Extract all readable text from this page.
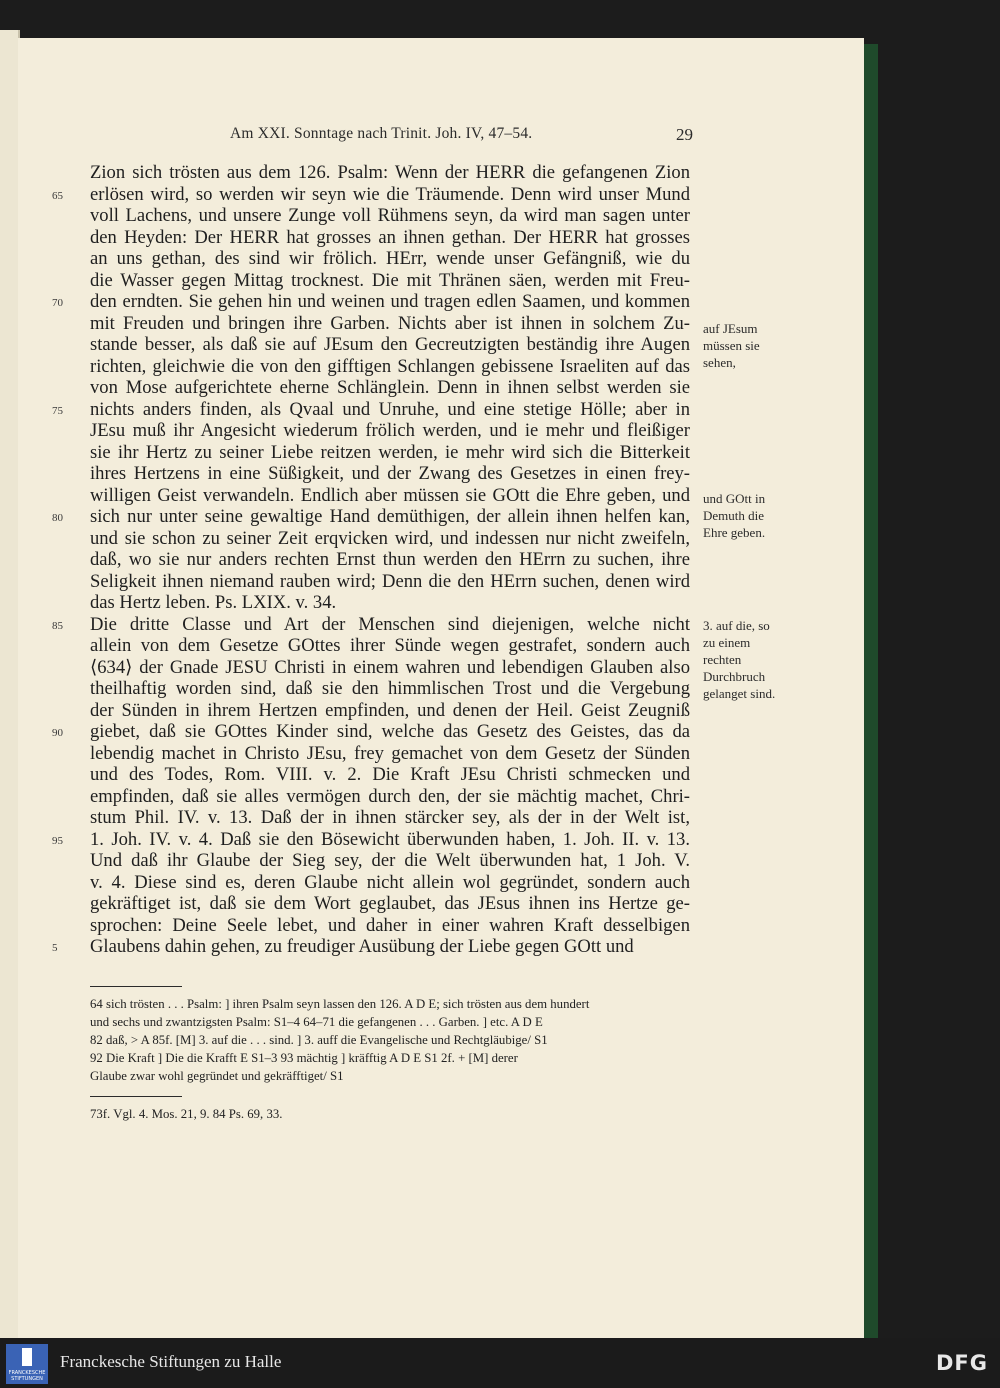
Am XXI. Sonntage nach Trinit. Joh. IV, 47–54.	29
Zion sich trösten aus dem 126. Psalm: Wenn der HERR die gefangenen Zion
erlösen wird, so werden wir seyn wie die Träumende. Denn wird unser Mund
65
voll Lachens, und unsere Zunge voll Rühmens seyn, da wird man sagen unter
den Heyden: Der HERR hat grosses an ihnen gethan. Der HERR hat grosses
an uns gethan, des sind wir frölich. HErr, wende unser Gefängniß, wie du
die Wasser gegen Mittag trocknest. Die mit Thränen säen, werden mit Freu-
den erndten. Sie gehen hin und weinen und tragen edlen Saamen, und kommen
70
mit Freuden und bringen ihre Garben. Nichts aber ist ihnen in solchem Zu-
stande besser, als daß sie auf JEsum den Gecreutzigten beständig ihre Augen
richten, gleichwie die von den gifftigen Schlangen gebissene Israeliten auf das
von Mose aufgerichtete eherne Schlänglein. Denn in ihnen selbst werden sie
nichts anders finden, als Qvaal und Unruhe, und eine stetige Hölle; aber in
75
JEsu muß ihr Angesicht wiederum frölich werden, und ie mehr und fleißiger
sie ihr Hertz zu seiner Liebe reitzen werden, ie mehr wird sich die Bitterkeit
ihres Hertzens in eine Süßigkeit, und der Zwang des Gesetzes in einen frey-
willigen Geist verwandeln. Endlich aber müssen sie GOtt die Ehre geben, und
sich nur unter seine gewaltige Hand demüthigen, der allein ihnen helfen kan,
80
und sie schon zu seiner Zeit erqvicken wird, und indessen nur nicht zweifeln,
daß, wo sie nur anders rechten Ernst thun werden den HErrn zu suchen, ihre
Seligkeit ihnen niemand rauben wird; Denn die den HErrn suchen, denen wird
das Hertz leben. Ps. LXIX. v. 34.
Die dritte Classe und Art der Menschen sind diejenigen, welche nicht
85
allein von dem Gesetze GOttes ihrer Sünde wegen gestrafet, sondern auch
⟨634⟩ der Gnade JESU Christi in einem wahren und lebendigen Glauben also
theilhaftig worden sind, daß sie den himmlischen Trost und die Vergebung
der Sünden in ihrem Hertzen empfinden, und denen der Heil. Geist Zeugniß
giebet, daß sie GOttes Kinder sind, welche das Gesetz des Geistes, das da
90
lebendig machet in Christo JEsu, frey gemachet von dem Gesetz der Sünden
und des Todes, Rom. VIII. v. 2. Die Kraft JEsu Christi schmecken und
empfinden, daß sie alles vermögen durch den, der sie mächtig machet, Chri-
stum Phil. IV. v. 13. Daß der in ihnen stärcker sey, als der in der Welt ist,
1. Joh. IV. v. 4. Daß sie den Bösewicht überwunden haben, 1. Joh. II. v. 13.
95
Und daß ihr Glaube der Sieg sey, der die Welt überwunden hat, 1 Joh. V.
v. 4. Diese sind es, deren Glaube nicht allein wol gegründet, sondern auch
gekräftiget ist, daß sie dem Wort geglaubet, das JEsus ihnen ins Hertze ge-
sprochen: Deine Seele lebet, und daher in einer wahren Kraft desselbigen
Glaubens dahin gehen, zu freudiger Ausübung der Liebe gegen GOtt und
5
auf JEsum
müssen sie
sehen,
und GOtt in
Demuth die
Ehre geben.
3. auf die, so
zu einem
rechten
Durchbruch
gelanget sind.
64 sich trösten . . . Psalm: ] ihren Psalm seyn lassen den 126. A D E; sich trösten aus dem hundert
und sechs und zwantzigsten Psalm: S1–4 64–71 die gefangenen . . . Garben. ] etc. A D E
82 daß, > A 85f. [M] 3. auf die . . . sind. ] 3. auff die Evangelische und Rechtgläubige/ S1
92 Die Kraft ] Die die Krafft E S1–3 93 mächtig ] kräfftig A D E S1 2f. + [M] derer
Glaube zwar wohl gegründet und gekräfftiget/ S1
73f. Vgl. 4. Mos. 21, 9. 84 Ps. 69, 33.
FRANCKESCHE STIFTUNGEN
Franckesche Stiftungen zu Halle	DFG
